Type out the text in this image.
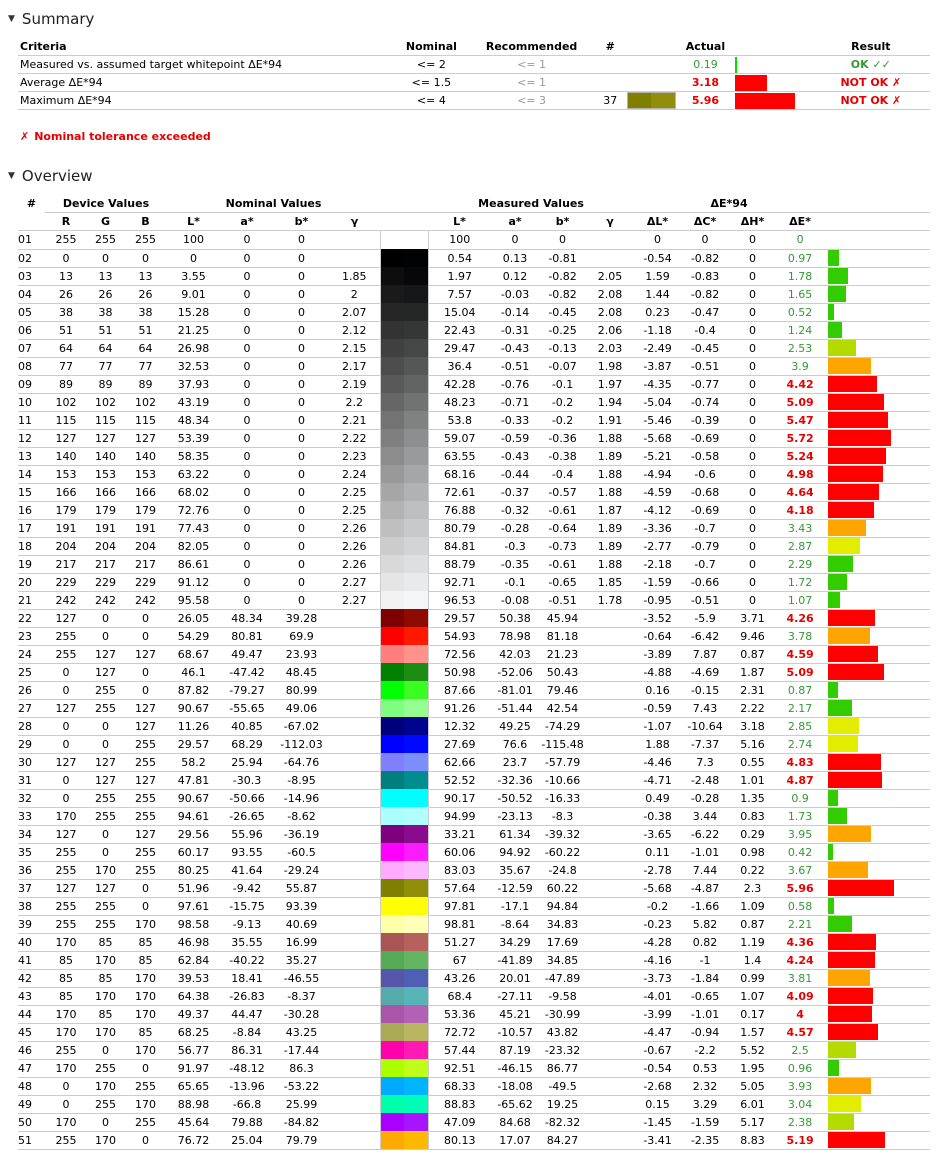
▼ Summary
Criteria	Nominal	Recommended	#		Actual		Result
Measured vs. assumed target whitepoint ΔE*94	<= 2	<= 1			0.19		OK ✓✓
Average ΔE*94	<= 1.5	<= 1			3.18		NOT OK ✗
Maximum ΔE*94	<= 4	<= 3	37		5.96		NOT OK ✗
✗ Nominal tolerance exceeded
▼ Overview
#	Device Values			Nominal Values					Measured Values				ΔE*94				
	R	G	B	L*	a*	b*	γ		L*	a*	b*	γ	ΔL*	ΔC*	ΔH*	ΔE*	
01	255	255	255	100	0	0			100	0	0		0	0	0	0	
02	0	0	0	0	0	0			0.54	0.13	-0.81		-0.54	-0.82	0	0.97	
03	13	13	13	3.55	0	0	1.85		1.97	0.12	-0.82	2.05	1.59	-0.83	0	1.78	
04	26	26	26	9.01	0	0	2		7.57	-0.03	-0.82	2.08	1.44	-0.82	0	1.65	
05	38	38	38	15.28	0	0	2.07		15.04	-0.14	-0.45	2.08	0.23	-0.47	0	0.52	
06	51	51	51	21.25	0	0	2.12		22.43	-0.31	-0.25	2.06	-1.18	-0.4	0	1.24	
07	64	64	64	26.98	0	0	2.15		29.47	-0.43	-0.13	2.03	-2.49	-0.45	0	2.53	
08	77	77	77	32.53	0	0	2.17		36.4	-0.51	-0.07	1.98	-3.87	-0.51	0	3.9	
09	89	89	89	37.93	0	0	2.19		42.28	-0.76	-0.1	1.97	-4.35	-0.77	0	4.42	
10	102	102	102	43.19	0	0	2.2		48.23	-0.71	-0.2	1.94	-5.04	-0.74	0	5.09	
11	115	115	115	48.34	0	0	2.21		53.8	-0.33	-0.2	1.91	-5.46	-0.39	0	5.47	
12	127	127	127	53.39	0	0	2.22		59.07	-0.59	-0.36	1.88	-5.68	-0.69	0	5.72	
13	140	140	140	58.35	0	0	2.23		63.55	-0.43	-0.38	1.89	-5.21	-0.58	0	5.24	
14	153	153	153	63.22	0	0	2.24		68.16	-0.44	-0.4	1.88	-4.94	-0.6	0	4.98	
15	166	166	166	68.02	0	0	2.25		72.61	-0.37	-0.57	1.88	-4.59	-0.68	0	4.64	
16	179	179	179	72.76	0	0	2.25		76.88	-0.32	-0.61	1.87	-4.12	-0.69	0	4.18	
17	191	191	191	77.43	0	0	2.26		80.79	-0.28	-0.64	1.89	-3.36	-0.7	0	3.43	
18	204	204	204	82.05	0	0	2.26		84.81	-0.3	-0.73	1.89	-2.77	-0.79	0	2.87	
19	217	217	217	86.61	0	0	2.26		88.79	-0.35	-0.61	1.88	-2.18	-0.7	0	2.29	
20	229	229	229	91.12	0	0	2.27		92.71	-0.1	-0.65	1.85	-1.59	-0.66	0	1.72	
21	242	242	242	95.58	0	0	2.27		96.53	-0.08	-0.51	1.78	-0.95	-0.51	0	1.07	
22	127	0	0	26.05	48.34	39.28			29.57	50.38	45.94		-3.52	-5.9	3.71	4.26	
23	255	0	0	54.29	80.81	69.9			54.93	78.98	81.18		-0.64	-6.42	9.46	3.78	
24	255	127	127	68.67	49.47	23.93			72.56	42.03	21.23		-3.89	7.87	0.87	4.59	
25	0	127	0	46.1	-47.42	48.45			50.98	-52.06	50.43		-4.88	-4.69	1.87	5.09	
26	0	255	0	87.82	-79.27	80.99			87.66	-81.01	79.46		0.16	-0.15	2.31	0.87	
27	127	255	127	90.67	-55.65	49.06			91.26	-51.44	42.54		-0.59	7.43	2.22	2.17	
28	0	0	127	11.26	40.85	-67.02			12.32	49.25	-74.29		-1.07	-10.64	3.18	2.85	
29	0	0	255	29.57	68.29	-112.03			27.69	76.6	-115.48		1.88	-7.37	5.16	2.74	
30	127	127	255	58.2	25.94	-64.76			62.66	23.7	-57.79		-4.46	7.3	0.55	4.83	
31	0	127	127	47.81	-30.3	-8.95			52.52	-32.36	-10.66		-4.71	-2.48	1.01	4.87	
32	0	255	255	90.67	-50.66	-14.96			90.17	-50.52	-16.33		0.49	-0.28	1.35	0.9	
33	170	255	255	94.61	-26.65	-8.62			94.99	-23.13	-8.3		-0.38	3.44	0.83	1.73	
34	127	0	127	29.56	55.96	-36.19			33.21	61.34	-39.32		-3.65	-6.22	0.29	3.95	
35	255	0	255	60.17	93.55	-60.5			60.06	94.92	-60.22		0.11	-1.01	0.98	0.42	
36	255	170	255	80.25	41.64	-29.24			83.03	35.67	-24.8		-2.78	7.44	0.22	3.67	
37	127	127	0	51.96	-9.42	55.87			57.64	-12.59	60.22		-5.68	-4.87	2.3	5.96	
38	255	255	0	97.61	-15.75	93.39			97.81	-17.1	94.84		-0.2	-1.66	1.09	0.58	
39	255	255	170	98.58	-9.13	40.69			98.81	-8.64	34.83		-0.23	5.82	0.87	2.21	
40	170	85	85	46.98	35.55	16.99			51.27	34.29	17.69		-4.28	0.82	1.19	4.36	
41	85	170	85	62.84	-40.22	35.27			67	-41.89	34.85		-4.16	-1	1.4	4.24	
42	85	85	170	39.53	18.41	-46.55			43.26	20.01	-47.89		-3.73	-1.84	0.99	3.81	
43	85	170	170	64.38	-26.83	-8.37			68.4	-27.11	-9.58		-4.01	-0.65	1.07	4.09	
44	170	85	170	49.37	44.47	-30.28			53.36	45.21	-30.99		-3.99	-1.01	0.17	4	
45	170	170	85	68.25	-8.84	43.25			72.72	-10.57	43.82		-4.47	-0.94	1.57	4.57	
46	255	0	170	56.77	86.31	-17.44			57.44	87.19	-23.32		-0.67	-2.2	5.52	2.5	
47	170	255	0	91.97	-48.12	86.3			92.51	-46.15	86.77		-0.54	0.53	1.95	0.96	
48	0	170	255	65.65	-13.96	-53.22			68.33	-18.08	-49.5		-2.68	2.32	5.05	3.93	
49	0	255	170	88.98	-66.8	25.99			88.83	-65.62	19.25		0.15	3.29	6.01	3.04	
50	170	0	255	45.64	79.88	-84.82			47.09	84.68	-82.32		-1.45	-1.59	5.17	2.38	
51	255	170	0	76.72	25.04	79.79			80.13	17.07	84.27		-3.41	-2.35	8.83	5.19	
